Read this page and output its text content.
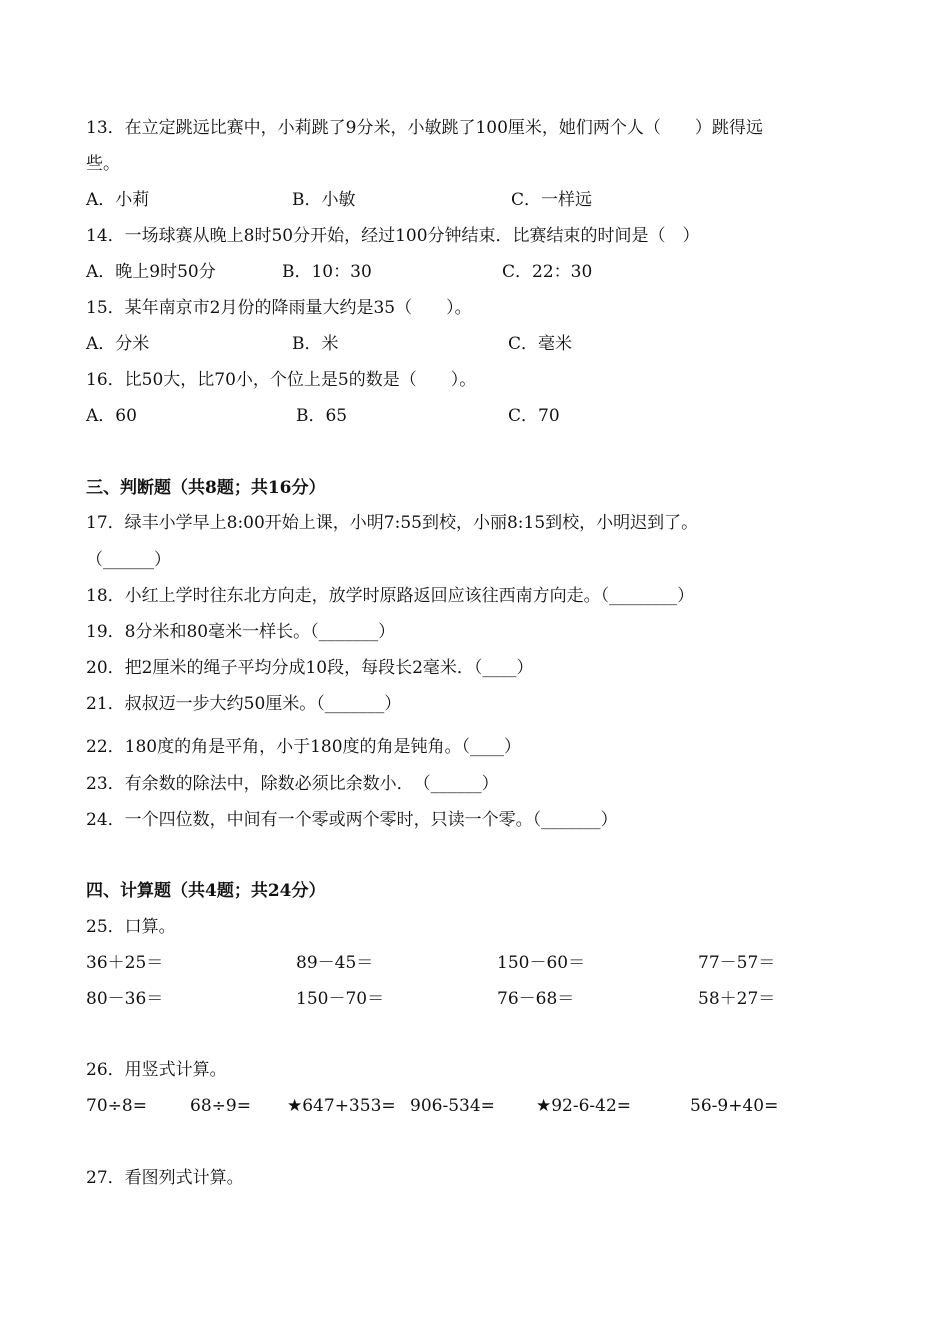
13．在立定跳远比赛中，小莉跳了9分米，小敏跳了100厘米，她们两个人（　　）跳得远
些。
A．小莉	B．小敏	C．一样远
14．一场球赛从晚上8时50分开始，经过100分钟结束．比赛结束的时间是（　）
A．晚上9时50分	B．10：30	C．22：30
15．某年南京市2月份的降雨量大约是35（　　）。
A．分米	B．米	C．毫米
16．比50大，比70小，个位上是5的数是（　　）。
A．60	B．65	C．70
三、判断题（共8题；共16分）
17．绿丰小学早上8:00开始上课，小明7:55到校，小丽8:15到校，小明迟到了。
（______）
18．小红上学时往东北方向走，放学时原路返回应该往西南方向走。（________）
19．8分米和80毫米一样长。（_______）
20．把2厘米的绳子平均分成10段，每段长2毫米．（____）
21．叔叔迈一步大约50厘米。（_______）
22．180度的角是平角，小于180度的角是钝角。（____）
23．有余数的除法中，除数必须比余数小．　（______）
24．一个四位数，中间有一个零或两个零时，只读一个零。（_______）
四、计算题（共4题；共24分）
25．口算。
36＋25＝	89－45＝	150－60＝	77－57＝
80－36＝	150－70＝	76－68＝	58＋27＝
26．用竖式计算。
70÷8=	68÷9= ★647+353= 906-534= ★92-6-42=	56-9+40=
27．看图列式计算。
